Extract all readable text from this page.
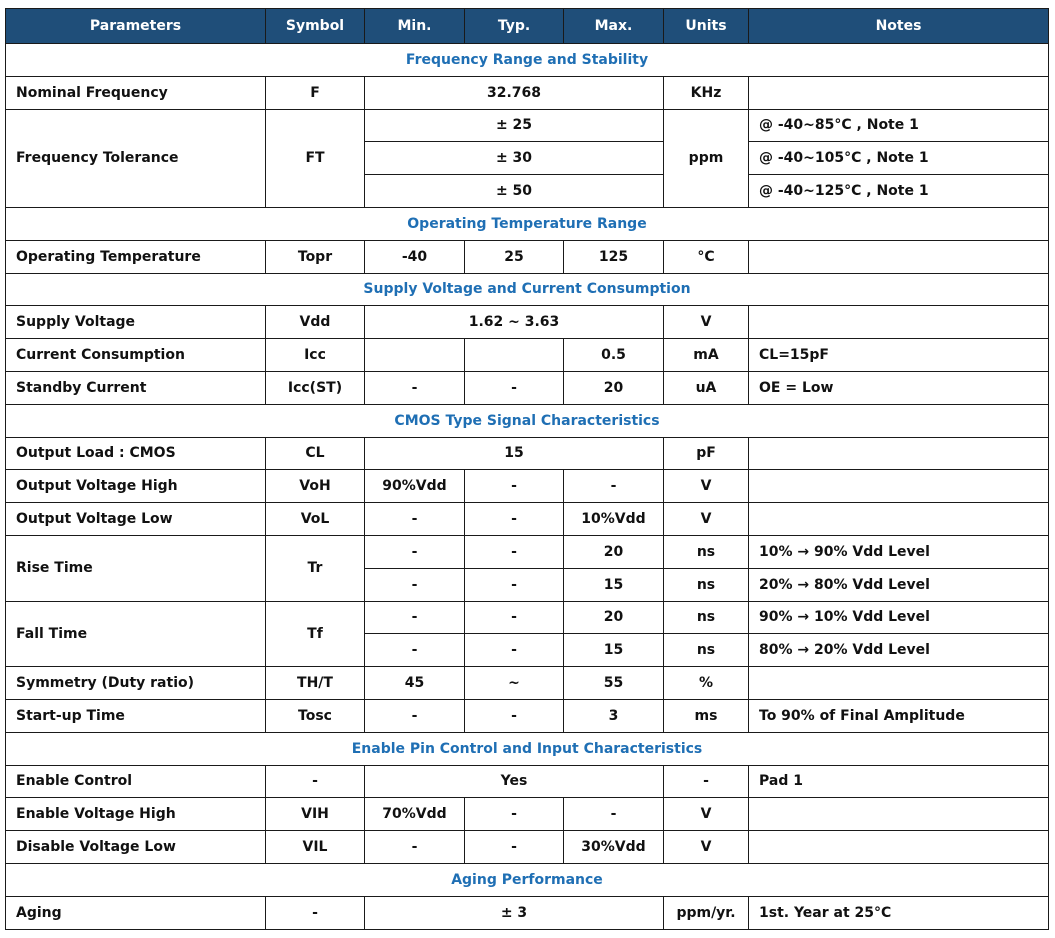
Parameters	Symbol	Min.	Typ.	Max.	Units	Notes
Frequency Range and Stability						
Nominal Frequency	F	32.768			KHz	
Frequency Tolerance	FT	± 25			ppm	@ -40~85°C , Note 1
		± 30				@ -40~105°C , Note 1
		± 50				@ -40~125°C , Note 1
Operating Temperature Range						
Operating Temperature	Topr	-40	25	125	°C	
Supply Voltage and Current Consumption						
Supply Voltage	Vdd	1.62 ~ 3.63			V	
Current Consumption	Icc			0.5	mA	CL=15pF
Standby Current	Icc(ST)	-	-	20	uA	OE = Low
CMOS Type Signal Characteristics						
Output Load : CMOS	CL	15			pF	
Output Voltage High	VoH	90%Vdd	-	-	V	
Output Voltage Low	VoL	-	-	10%Vdd	V	
Rise Time	Tr	-	-	20	ns	10% → 90% Vdd Level
		-	-	15	ns	20% → 80% Vdd Level
Fall Time	Tf	-	-	20	ns	90% → 10% Vdd Level
		-	-	15	ns	80% → 20% Vdd Level
Symmetry (Duty ratio)	TH/T	45	~	55	%	
Start-up Time	Tosc	-	-	3	ms	To 90% of Final Amplitude
Enable Pin Control and Input Characteristics						
Enable Control	-	Yes			-	Pad 1
Enable Voltage High	VIH	70%Vdd	-	-	V	
Disable Voltage Low	VIL	-	-	30%Vdd	V	
Aging Performance						
Aging	-	± 3			ppm/yr.	1st. Year at 25°C
